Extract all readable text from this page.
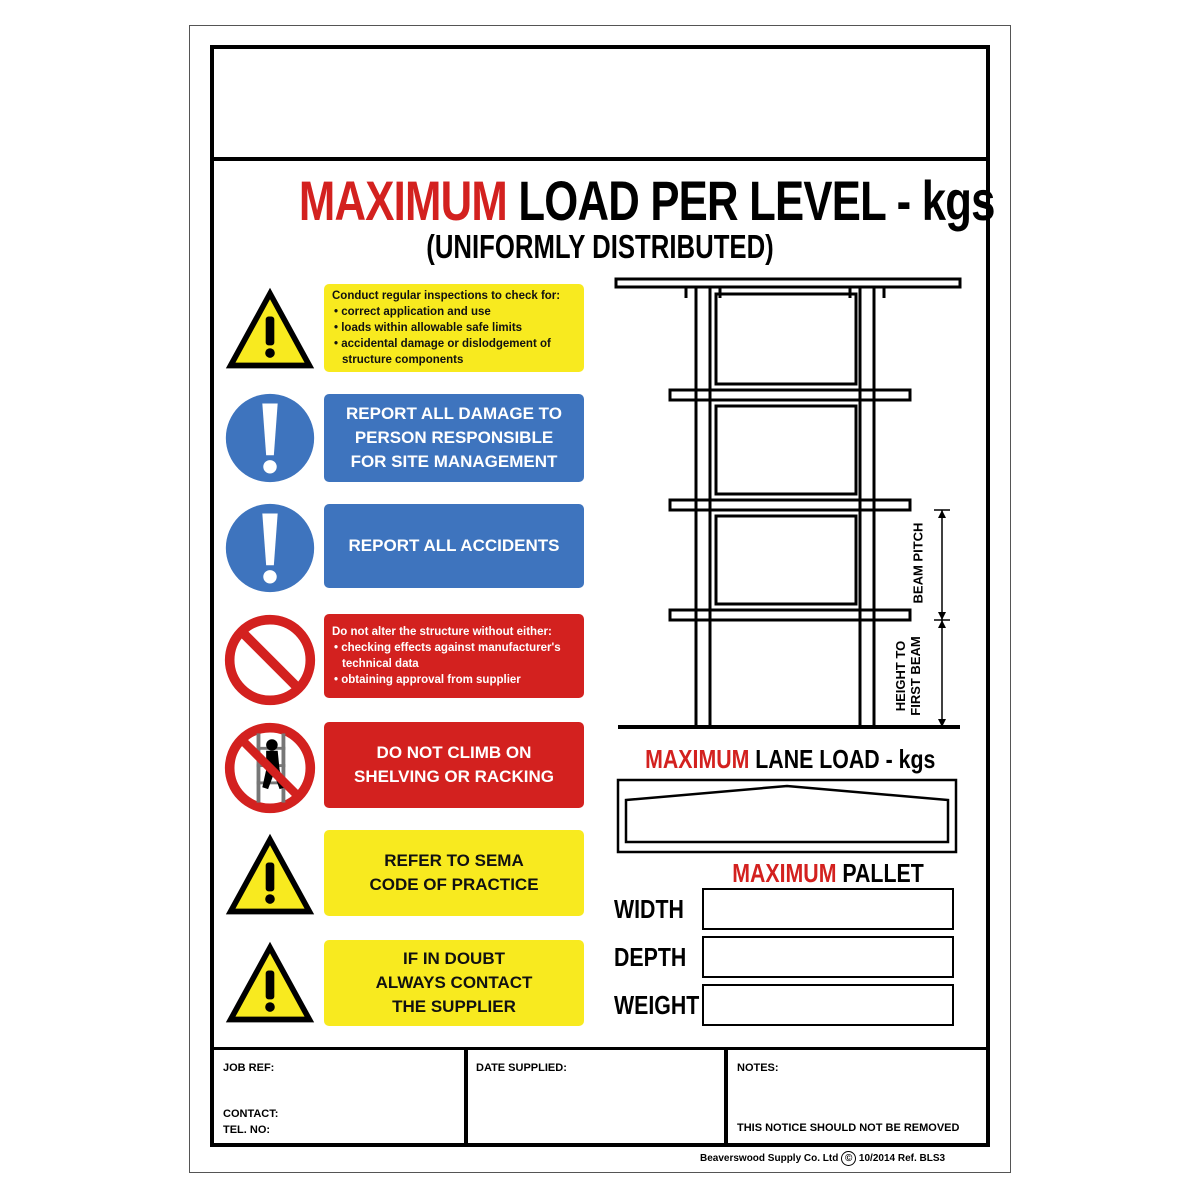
MAXIMUM LOAD PER LEVEL - kgs
(UNIFORMLY DISTRIBUTED)
Conduct regular inspections to check for:
• correct application and use
• loads within allowable safe limits
• accidental damage or dislodgement of
structure components
REPORT ALL DAMAGE TO
PERSON RESPONSIBLE
FOR SITE MANAGEMENT
REPORT ALL ACCIDENTS
Do not alter the structure without either:
• checking effects against manufacturer's
technical data
• obtaining approval from supplier
DO NOT CLIMB ON
SHELVING OR RACKING
REFER TO SEMA
CODE OF PRACTICE
IF IN DOUBT
ALWAYS CONTACT
THE SUPPLIER
BEAM PITCH
HEIGHT TO FIRST BEAM
MAXIMUM LANE LOAD - kgs
MAXIMUM PALLET
WIDTH
DEPTH
WEIGHT
JOB REF:
CONTACT:
TEL. NO:
DATE SUPPLIED:	NOTES:
THIS NOTICE SHOULD NOT BE REMOVED
Beaverswood Supply Co. Ltd © 10/2014 Ref. BLS3
